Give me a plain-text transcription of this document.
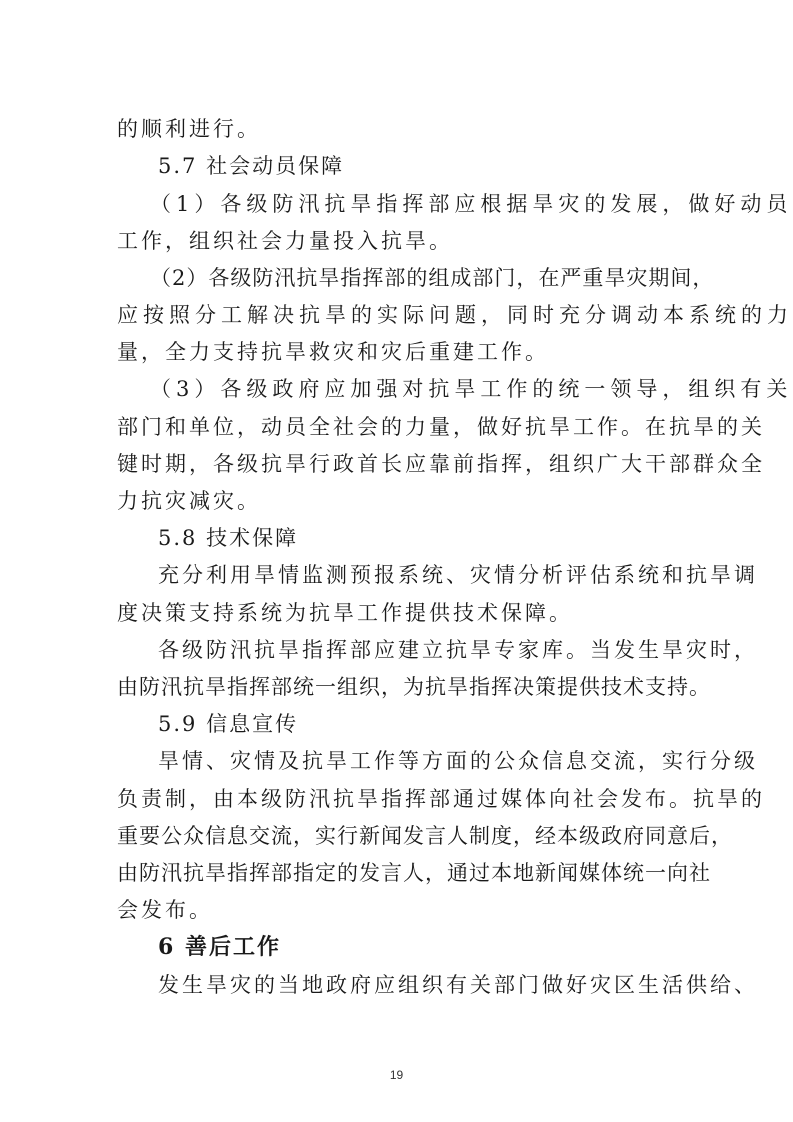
的顺利进行。
5.7 社会动员保障
（1）各级防汛抗旱指挥部应根据旱灾的发展，做好动员
工作，组织社会力量投入抗旱。
（2）各级防汛抗旱指挥部的组成部门，在严重旱灾期间，
应按照分工解决抗旱的实际问题，同时充分调动本系统的力
量，全力支持抗旱救灾和灾后重建工作。
（3）各级政府应加强对抗旱工作的统一领导，组织有关
部门和单位，动员全社会的力量，做好抗旱工作。在抗旱的关
键时期，各级抗旱行政首长应靠前指挥，组织广大干部群众全
力抗灾减灾。
5.8 技术保障
充分利用旱情监测预报系统、灾情分析评估系统和抗旱调
度决策支持系统为抗旱工作提供技术保障。
各级防汛抗旱指挥部应建立抗旱专家库。当发生旱灾时，
由防汛抗旱指挥部统一组织，为抗旱指挥决策提供技术支持。
5.9 信息宣传
旱情、灾情及抗旱工作等方面的公众信息交流，实行分级
负责制，由本级防汛抗旱指挥部通过媒体向社会发布。抗旱的
重要公众信息交流，实行新闻发言人制度，经本级政府同意后，
由防汛抗旱指挥部指定的发言人，通过本地新闻媒体统一向社
会发布。
6 善后工作
发生旱灾的当地政府应组织有关部门做好灾区生活供给、
19
